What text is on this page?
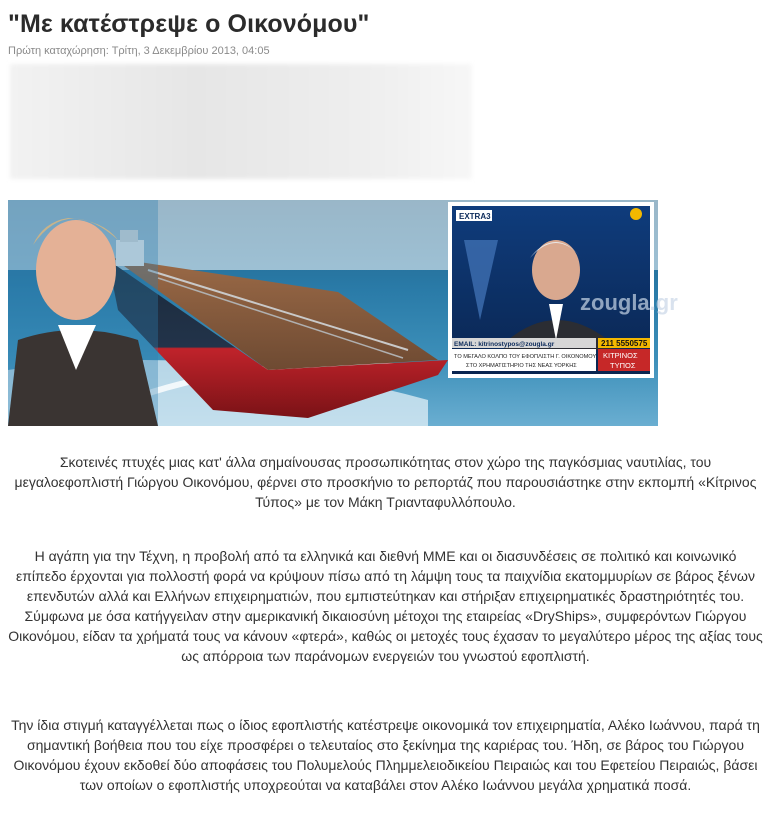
"Με κατέστρεψε ο Οικονόμου"
Πρώτη καταχώρηση: Τρίτη, 3 Δεκεμβρίου 2013, 04:05
EXTRA3
zougla.gr
EMAIL: kitrinostypos@zougla.gr	211 5550575
ΤΟ ΜΕΓΑΛΟ ΚΟΛΠΟ ΤΟΥ ΕΦΟΠΛΙΣΤΗ Γ. ΟΙΚΟΝΟΜΟΥ
ΣΤΟ ΧΡΗΜΑΤΙΣΤΗΡΙΟ ΤΗΣ ΝΕΑΣ ΥΟΡΚΗΣ
ΚΙΤΡΙΝΟΣ
ΤΥΠΟΣ

Σκοτεινές πτυχές μιας κατ' άλλα σημαίνουσας προσωπικότητας στον χώρο της παγκόσμιας ναυτιλίας, του μεγαλοεφοπλιστή Γιώργου Οικονόμου, φέρνει στο προσκήνιο το ρεπορτάζ που παρουσιάστηκε στην εκπομπή «Κίτρινος Τύπος» με τον Μάκη Τριανταφυλλόπουλο.

Η αγάπη για την Τέχνη, η προβολή από τα ελληνικά και διεθνή ΜΜΕ και οι διασυνδέσεις σε πολιτικό και κοινωνικό επίπεδο έρχονται για πολλοστή φορά να κρύψουν πίσω από τη λάμψη τους τα παιχνίδια εκατομμυρίων σε βάρος ξένων επενδυτών αλλά και Ελλήνων επιχειρηματιών, που εμπιστεύτηκαν και στήριξαν επιχειρηματικές δραστηριότητές του. Σύμφωνα με όσα κατήγγειλαν στην αμερικανική δικαιοσύνη μέτοχοι της εταιρείας «DryShips», συμφερόντων Γιώργου Οικονόμου, είδαν τα χρήματά τους να κάνουν «φτερά», καθώς οι μετοχές τους έχασαν το μεγαλύτερο μέρος της αξίας τους ως απόρροια των παράνομων ενεργειών του γνωστού εφοπλιστή.

Την ίδια στιγμή καταγγέλλεται πως ο ίδιος εφοπλιστής κατέστρεψε οικονομικά τον επιχειρηματία, Αλέκο Ιωάννου, παρά τη σημαντική βοήθεια που του είχε προσφέρει ο τελευταίος στο ξεκίνημα της καριέρας του. Ήδη, σε βάρος του Γιώργου Οικονόμου έχουν εκδοθεί δύο αποφάσεις του Πολυμελούς Πλημμελειοδικείου Πειραιώς και του Εφετείου Πειραιώς, βάσει των οποίων ο εφοπλιστής υποχρεούται να καταβάλει στον Αλέκο Ιωάννου μεγάλα χρηματικά ποσά.
